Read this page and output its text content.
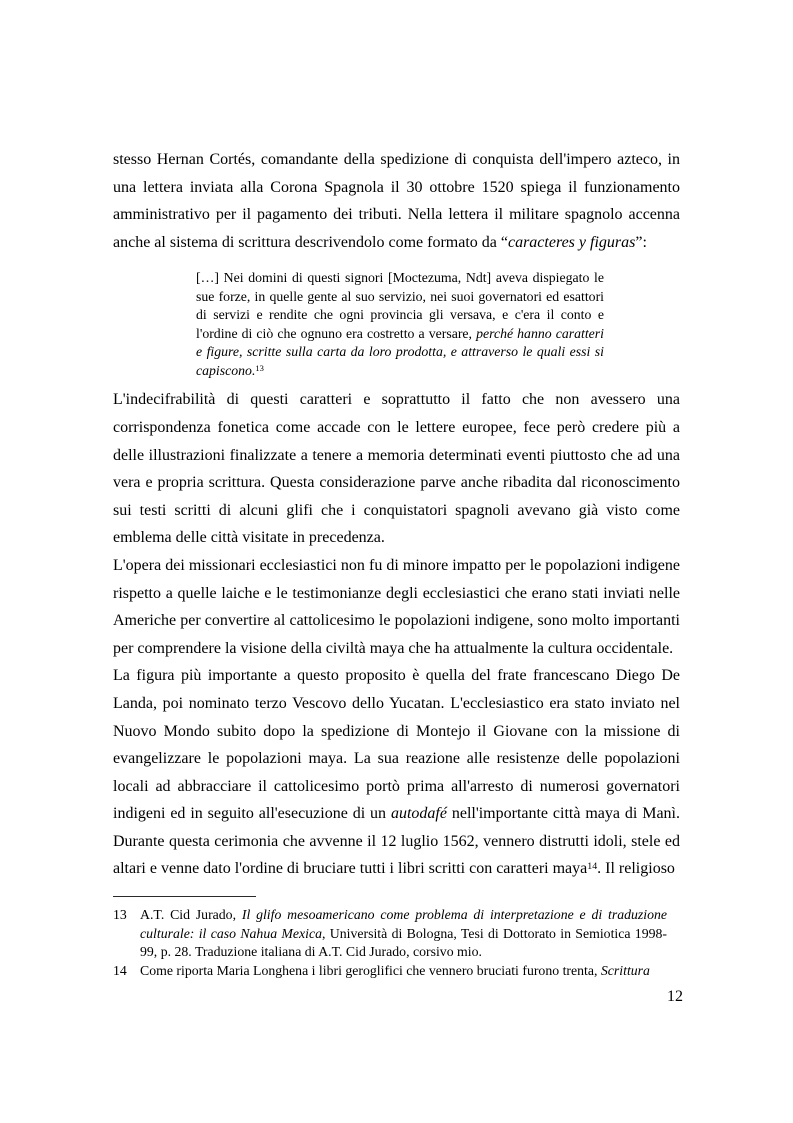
stesso Hernan Cortés, comandante della spedizione di conquista dell'impero azteco, in una lettera inviata alla Corona Spagnola il 30 ottobre 1520 spiega il funzionamento amministrativo per il pagamento dei tributi. Nella lettera il militare spagnolo accenna anche al sistema di scrittura descrivendolo come formato da “caracteres y figuras”:

[…] Nei domini di questi signori [Moctezuma, Ndt] aveva dispiegato le sue forze, in quelle gente al suo servizio, nei suoi governatori ed esattori di servizi e rendite che ogni provincia gli versava, e c'era il conto e l'ordine di ciò che ognuno era costretto a versare, perché hanno caratteri e figure, scritte sulla carta da loro prodotta, e attraverso le quali essi si capiscono.$^{13}$

L'indecifrabilità di questi caratteri e soprattutto il fatto che non avessero una corrispondenza fonetica come accade con le lettere europee, fece però credere più a delle illustrazioni finalizzate a tenere a memoria determinati eventi piuttosto che ad una vera e propria scrittura. Questa considerazione parve anche ribadita dal riconoscimento sui testi scritti di alcuni glifi che i conquistatori spagnoli avevano già visto come emblema delle città visitate in precedenza.

L'opera dei missionari ecclesiastici non fu di minore impatto per le popolazioni indigene rispetto a quelle laiche e le testimonianze degli ecclesiastici che erano stati inviati nelle Americhe per convertire al cattolicesimo le popolazioni indigene, sono molto importanti per comprendere la visione della civiltà maya che ha attualmente la cultura occidentale.

La figura più importante a questo proposito è quella del frate francescano Diego De Landa, poi nominato terzo Vescovo dello Yucatan. L'ecclesiastico era stato inviato nel Nuovo Mondo subito dopo la spedizione di Montejo il Giovane con la missione di evangelizzare le popolazioni maya. La sua reazione alle resistenze delle popolazioni locali ad abbracciare il cattolicesimo portò prima all'arresto di numerosi governatori indigeni ed in seguito all'esecuzione di un autodafé nell'importante città maya di Manì. Durante questa cerimonia che avvenne il 12 luglio 1562, vennero distrutti idoli, stele ed altari e venne dato l'ordine di bruciare tutti i libri scritti con caratteri maya$^{14}$. Il religioso

13 A.T. Cid Jurado, Il glifo mesoamericano come problema di interpretazione e di traduzione culturale: il caso Nahua Mexica, Università di Bologna, Tesi di Dottorato in Semiotica 1998-99, p. 28. Traduzione italiana di A.T. Cid Jurado, corsivo mio.
14 Come riporta Maria Longhena i libri geroglifici che vennero bruciati furono trenta, Scrittura
12
